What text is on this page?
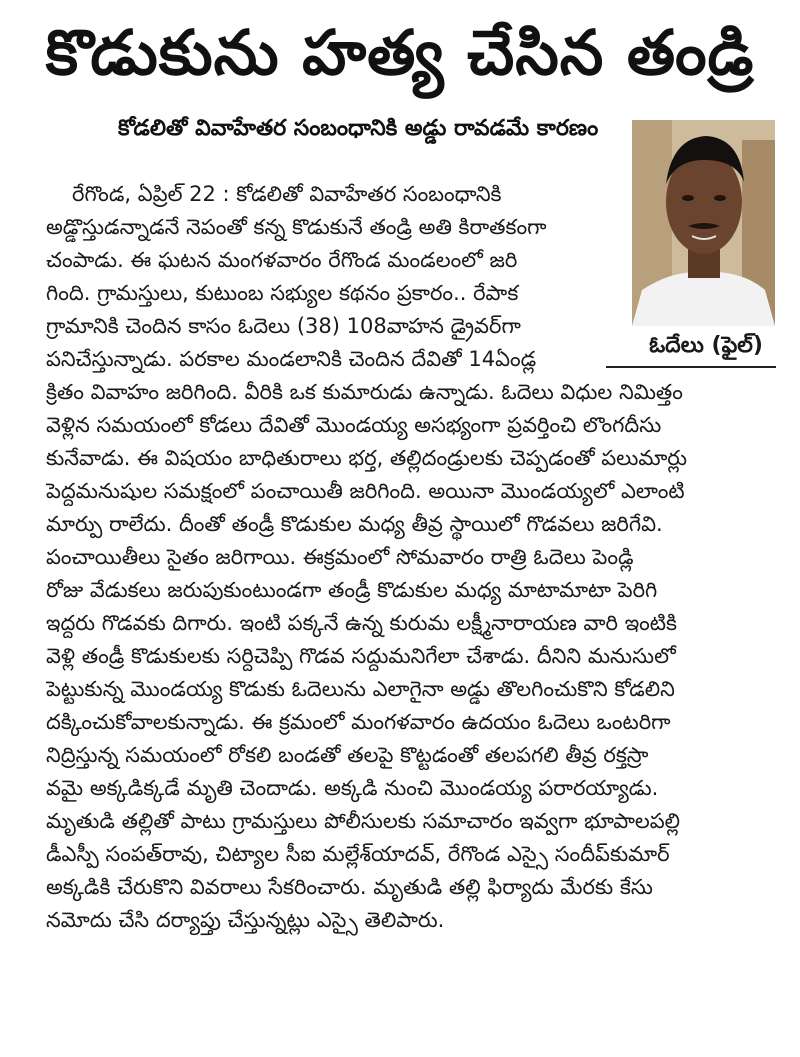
కొడుకును హత్య చేసిన తండ్రి
కోడలితో వివాహేతర సంబంధానికి అడ్డు రావడమే కారణం
ఓదేలు (ఫైల్)
రేగొండ, ఏప్రిల్ 22 : కోడలితో వివాహేతర సంబంధానికి
అడ్డొస్తుడన్నాడనే నెపంతో కన్న కొడుకునే తండ్రి అతి కిరాతకంగా
చంపాడు. ఈ ఘటన మంగళవారం రేగొండ మండలంలో జరి
గింది. గ్రామస్తులు, కుటుంబ సభ్యుల కథనం ప్రకారం.. రేపాక
గ్రామానికి చెందిన కాసం ఓదెలు (38) 108వాహన డ్రైవర్‌గా
పనిచేస్తున్నాడు. పరకాల మండలానికి చెందిన దేవితో 14ఏండ్ల
క్రితం వివాహం జరిగింది. వీరికి ఒక కుమారుడు ఉన్నాడు. ఓదెలు విధుల నిమిత్తం
వెళ్లిన సమయంలో కోడలు దేవితో మొండయ్య అసభ్యంగా ప్రవర్తించి లొంగదీసు
కునేవాడు. ఈ విషయం బాధితురాలు భర్త, తల్లిదండ్రులకు చెప్పడంతో పలుమార్లు
పెద్దమనుషుల సమక్షంలో పంచాయితీ జరిగింది. అయినా మొండయ్యలో ఎలాంటి
మార్పు రాలేదు. దీంతో తండ్రీ కొడుకుల మధ్య తీవ్ర స్థాయిలో గొడవలు జరిగేవి.
పంచాయితీలు సైతం జరిగాయి. ఈక్రమంలో సోమవారం రాత్రి ఓదెలు పెండ్లి
రోజు వేడుకలు జరుపుకుంటుండగా తండ్రీ కొడుకుల మధ్య మాటామాటా పెరిగి
ఇద్దరు గొడవకు దిగారు. ఇంటి పక్కనే ఉన్న కురుమ లక్ష్మీనారాయణ వారి ఇంటికి
వెళ్లి తండ్రీ కొడుకులకు సర్దిచెప్పి గొడవ సద్దుమనిగేలా చేశాడు. దీనిని మనుసులో
పెట్టుకున్న మొండయ్య కొడుకు ఓదెలును ఎలాగైనా అడ్డు తొలగించుకొని కోడలిని
దక్కించుకోవాలకున్నాడు. ఈ క్రమంలో మంగళవారం ఉదయం ఓదెలు ఒంటరిగా
నిద్రిస్తున్న సమయంలో రోకలి బండతో తలపై కొట్టడంతో తలపగలి తీవ్ర రక్తస్రా
వమై అక్కడిక్కడే మృతి చెందాడు. అక్కడి నుంచి మొండయ్య పరారయ్యాడు.
మృతుడి తల్లితో పాటు గ్రామస్తులు పోలీసులకు సమాచారం ఇవ్వగా భూపాలపల్లి
డీఎస్పీ సంపత్‌రావు, చిట్యాల సీఐ మల్లేశ్‌యాదవ్, రేగొండ ఎస్సై సందీప్‌కుమార్
అక్కడికి చేరుకొని వివరాలు సేకరించారు. మృతుడి తల్లి ఫిర్యాదు మేరకు కేసు
నమోదు చేసి దర్యాప్తు చేస్తున్నట్లు ఎస్సై తెలిపారు.
